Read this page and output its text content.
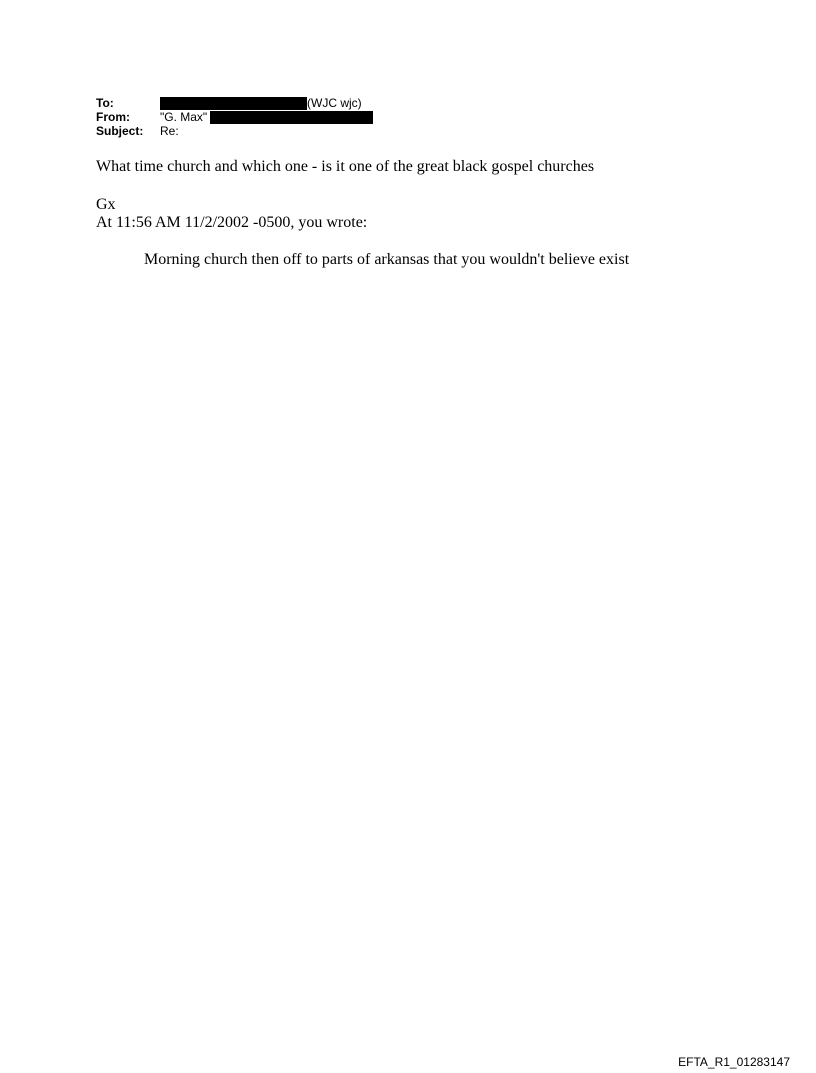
To:	(WJC wjc)
From:	"G. Max"
Subject:	Re:
What time church and which one - is it one of the great black gospel churches
Gx
At 11:56 AM 11/2/2002 -0500, you wrote:
Morning church then off to parts of arkansas that you wouldn't believe exist
EFTA_R1_01283147
